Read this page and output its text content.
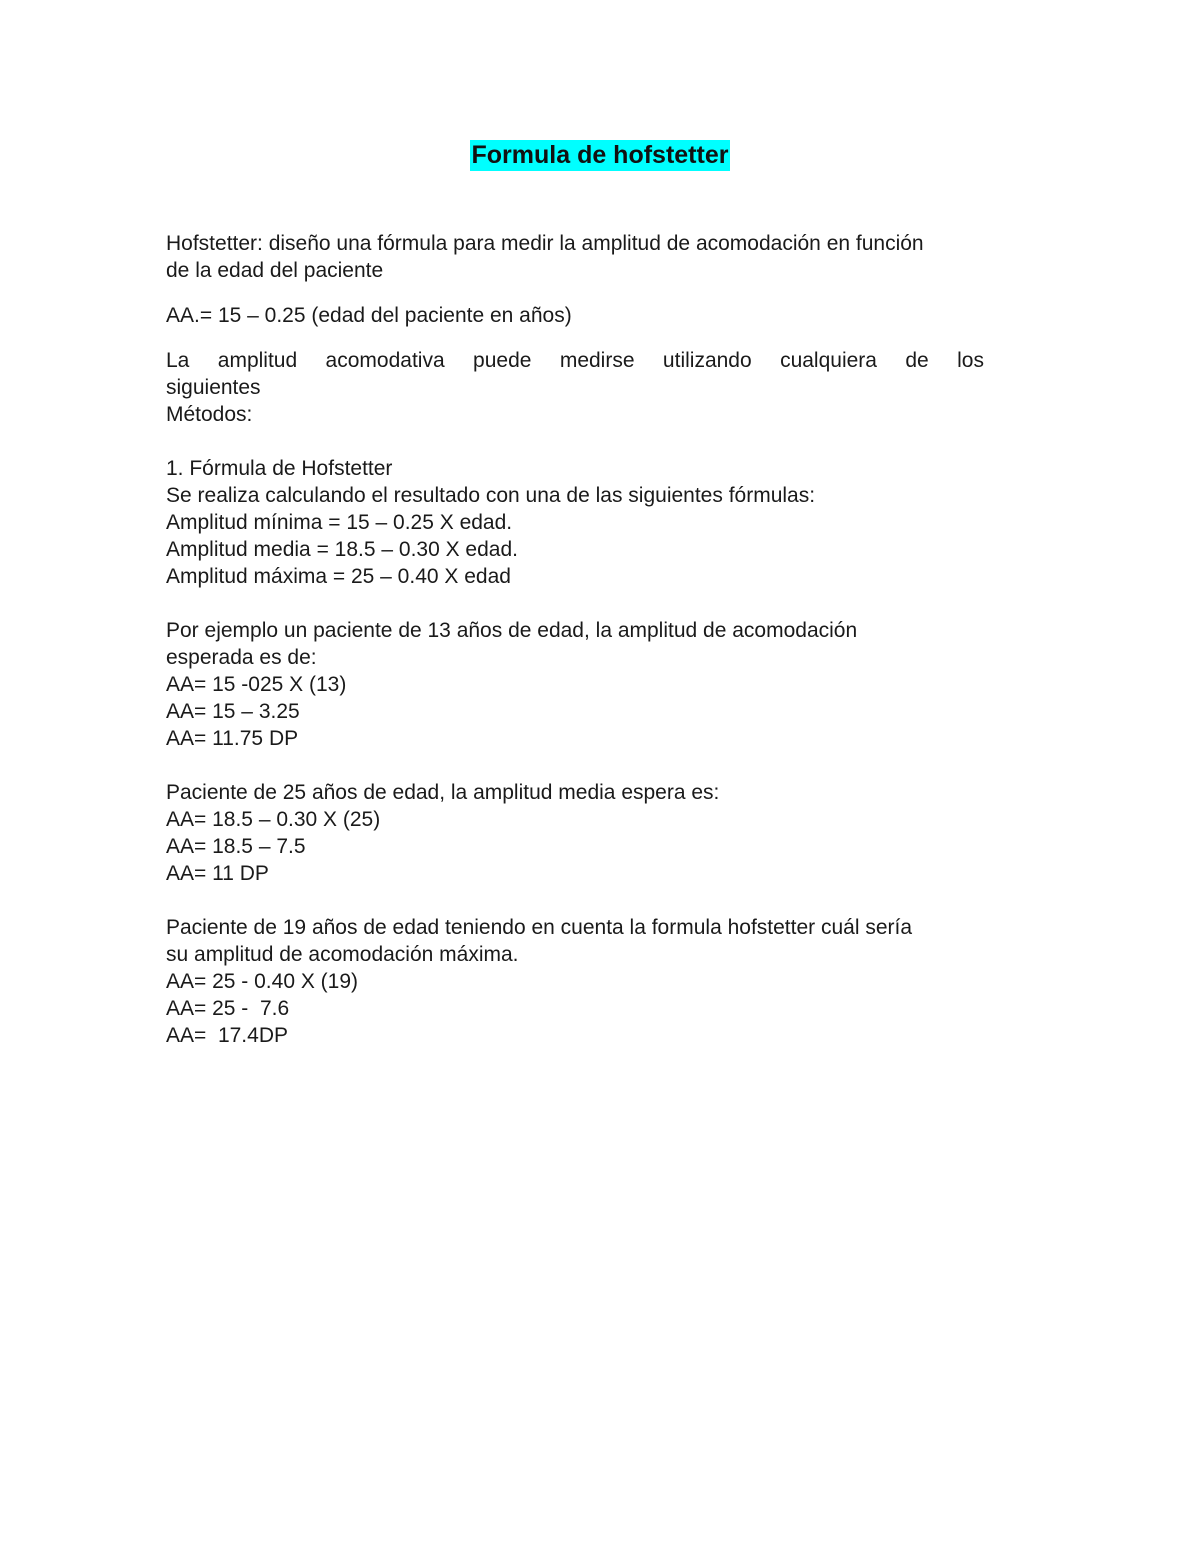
Formula de hofstetter
Hofstetter: diseño una fórmula para medir la amplitud de acomodación en función
de la edad del paciente
AA.= 15 – 0.25 (edad del paciente en años)
La amplitud acomodativa puede medirse utilizando cualquiera de los
siguientes
Métodos:
1. Fórmula de Hofstetter
Se realiza calculando el resultado con una de las siguientes fórmulas:
Amplitud mínima = 15 – 0.25 X edad.
Amplitud media = 18.5 – 0.30 X edad.
Amplitud máxima = 25 – 0.40 X edad
Por ejemplo un paciente de 13 años de edad, la amplitud de acomodación
esperada es de:
AA= 15 -025 X (13)
AA= 15 – 3.25
AA= 11.75 DP
Paciente de 25 años de edad, la amplitud media espera es:
AA= 18.5 – 0.30 X (25)
AA= 18.5 – 7.5
AA= 11 DP
Paciente de 19 años de edad teniendo en cuenta la formula hofstetter cuál sería
su amplitud de acomodación máxima.
AA= 25 - 0.40 X (19)
AA= 25 -  7.6
AA=  17.4DP
